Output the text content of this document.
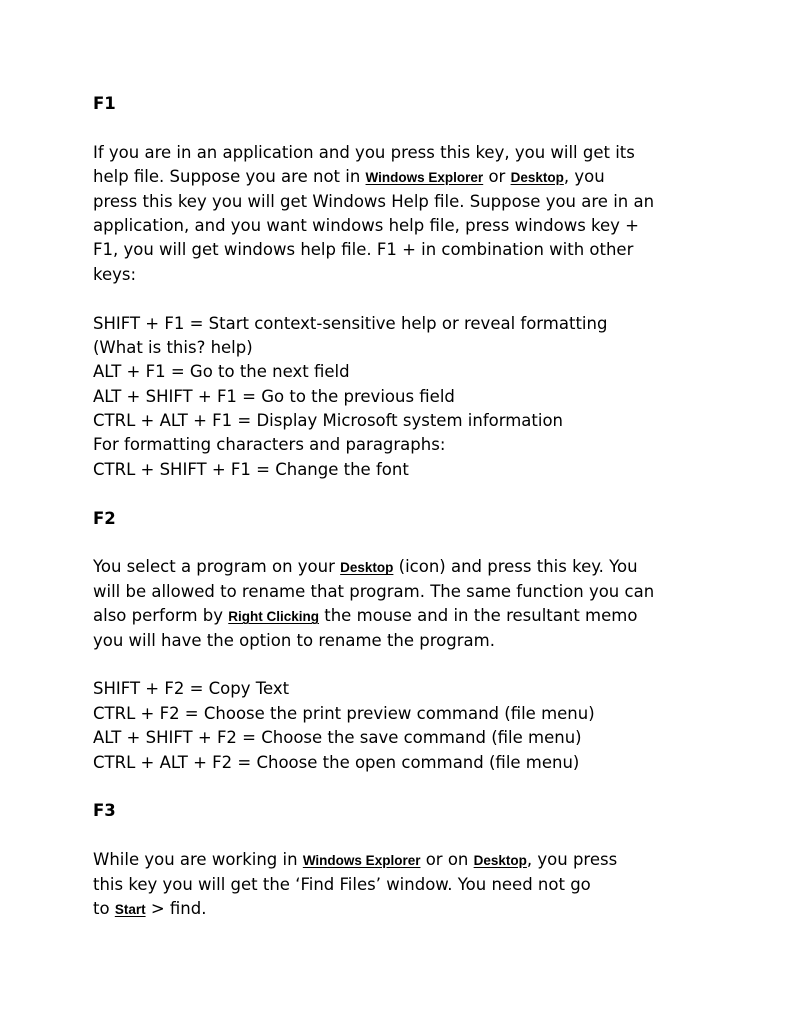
F1
If you are in an application and you press this key, you will get its
help file. Suppose you are not in Windows Explorer or Desktop, you
press this key you will get Windows Help file. Suppose you are in an
application, and you want windows help file, press windows key +
F1, you will get windows help file. F1 + in combination with other
keys:
SHIFT + F1 = Start context-sensitive help or reveal formatting
(What is this? help)
ALT + F1 = Go to the next field
ALT + SHIFT + F1 = Go to the previous field
CTRL + ALT + F1 = Display Microsoft system information
For formatting characters and paragraphs:
CTRL + SHIFT + F1 = Change the font
F2
You select a program on your Desktop (icon) and press this key. You
will be allowed to rename that program. The same function you can
also perform by Right Clicking the mouse and in the resultant memo
you will have the option to rename the program.
SHIFT + F2 = Copy Text
CTRL + F2 = Choose the print preview command (file menu)
ALT + SHIFT + F2 = Choose the save command (file menu)
CTRL + ALT + F2 = Choose the open command (file menu)
F3
While you are working in Windows Explorer or on Desktop, you press
this key you will get the ‘Find Files’ window. You need not go
to Start > find.
